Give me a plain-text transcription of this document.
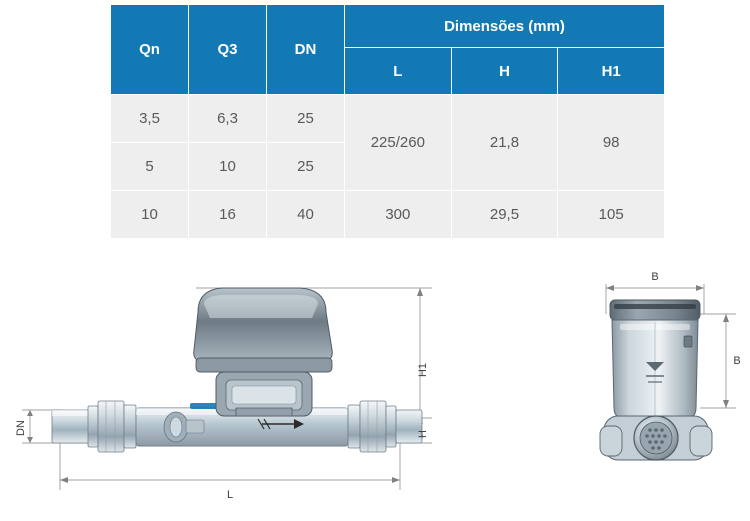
Qn	Q3	DN	Dimensões (mm)		
			L	H	H1
3,5	6,3	25	225/260	21,8	98
5	10	25			
10	16	40	300	29,5	105
H1
H
L
DN
B
B
